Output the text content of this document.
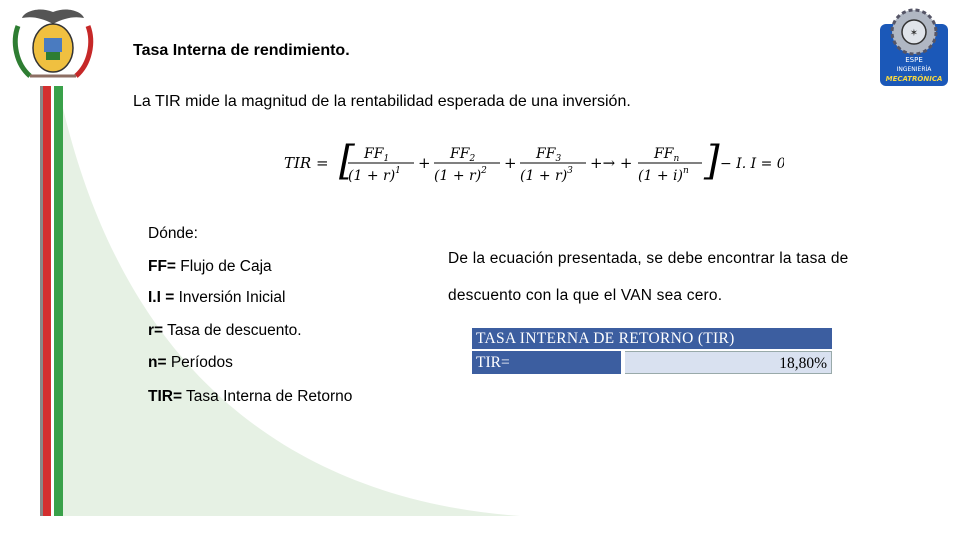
✶
ESPE
INGENIERÍA
MECATRÓNICA
Tasa Interna de rendimiento.
La TIR mide la magnitud de la rentabilidad esperada de una inversión.
TIR = [ $FF_1$
$(1 + r)^1 + FF_2$
$(1 + r)^2 + FF_3$
$(1 + r)^3$ +→ + $FF_n$
$(1 + i)^n$ ] − I. I = 0
Dónde:
FF= Flujo de Caja
I.I = Inversión Inicial
r= Tasa de descuento.
n= Períodos
TIR= Tasa Interna de Retorno
De la ecuación presentada, se debe encontrar la tasa de descuento con la que el VAN sea cero.
TASA INTERNA DE RETORNO (TIR)
TIR=	18,80%
